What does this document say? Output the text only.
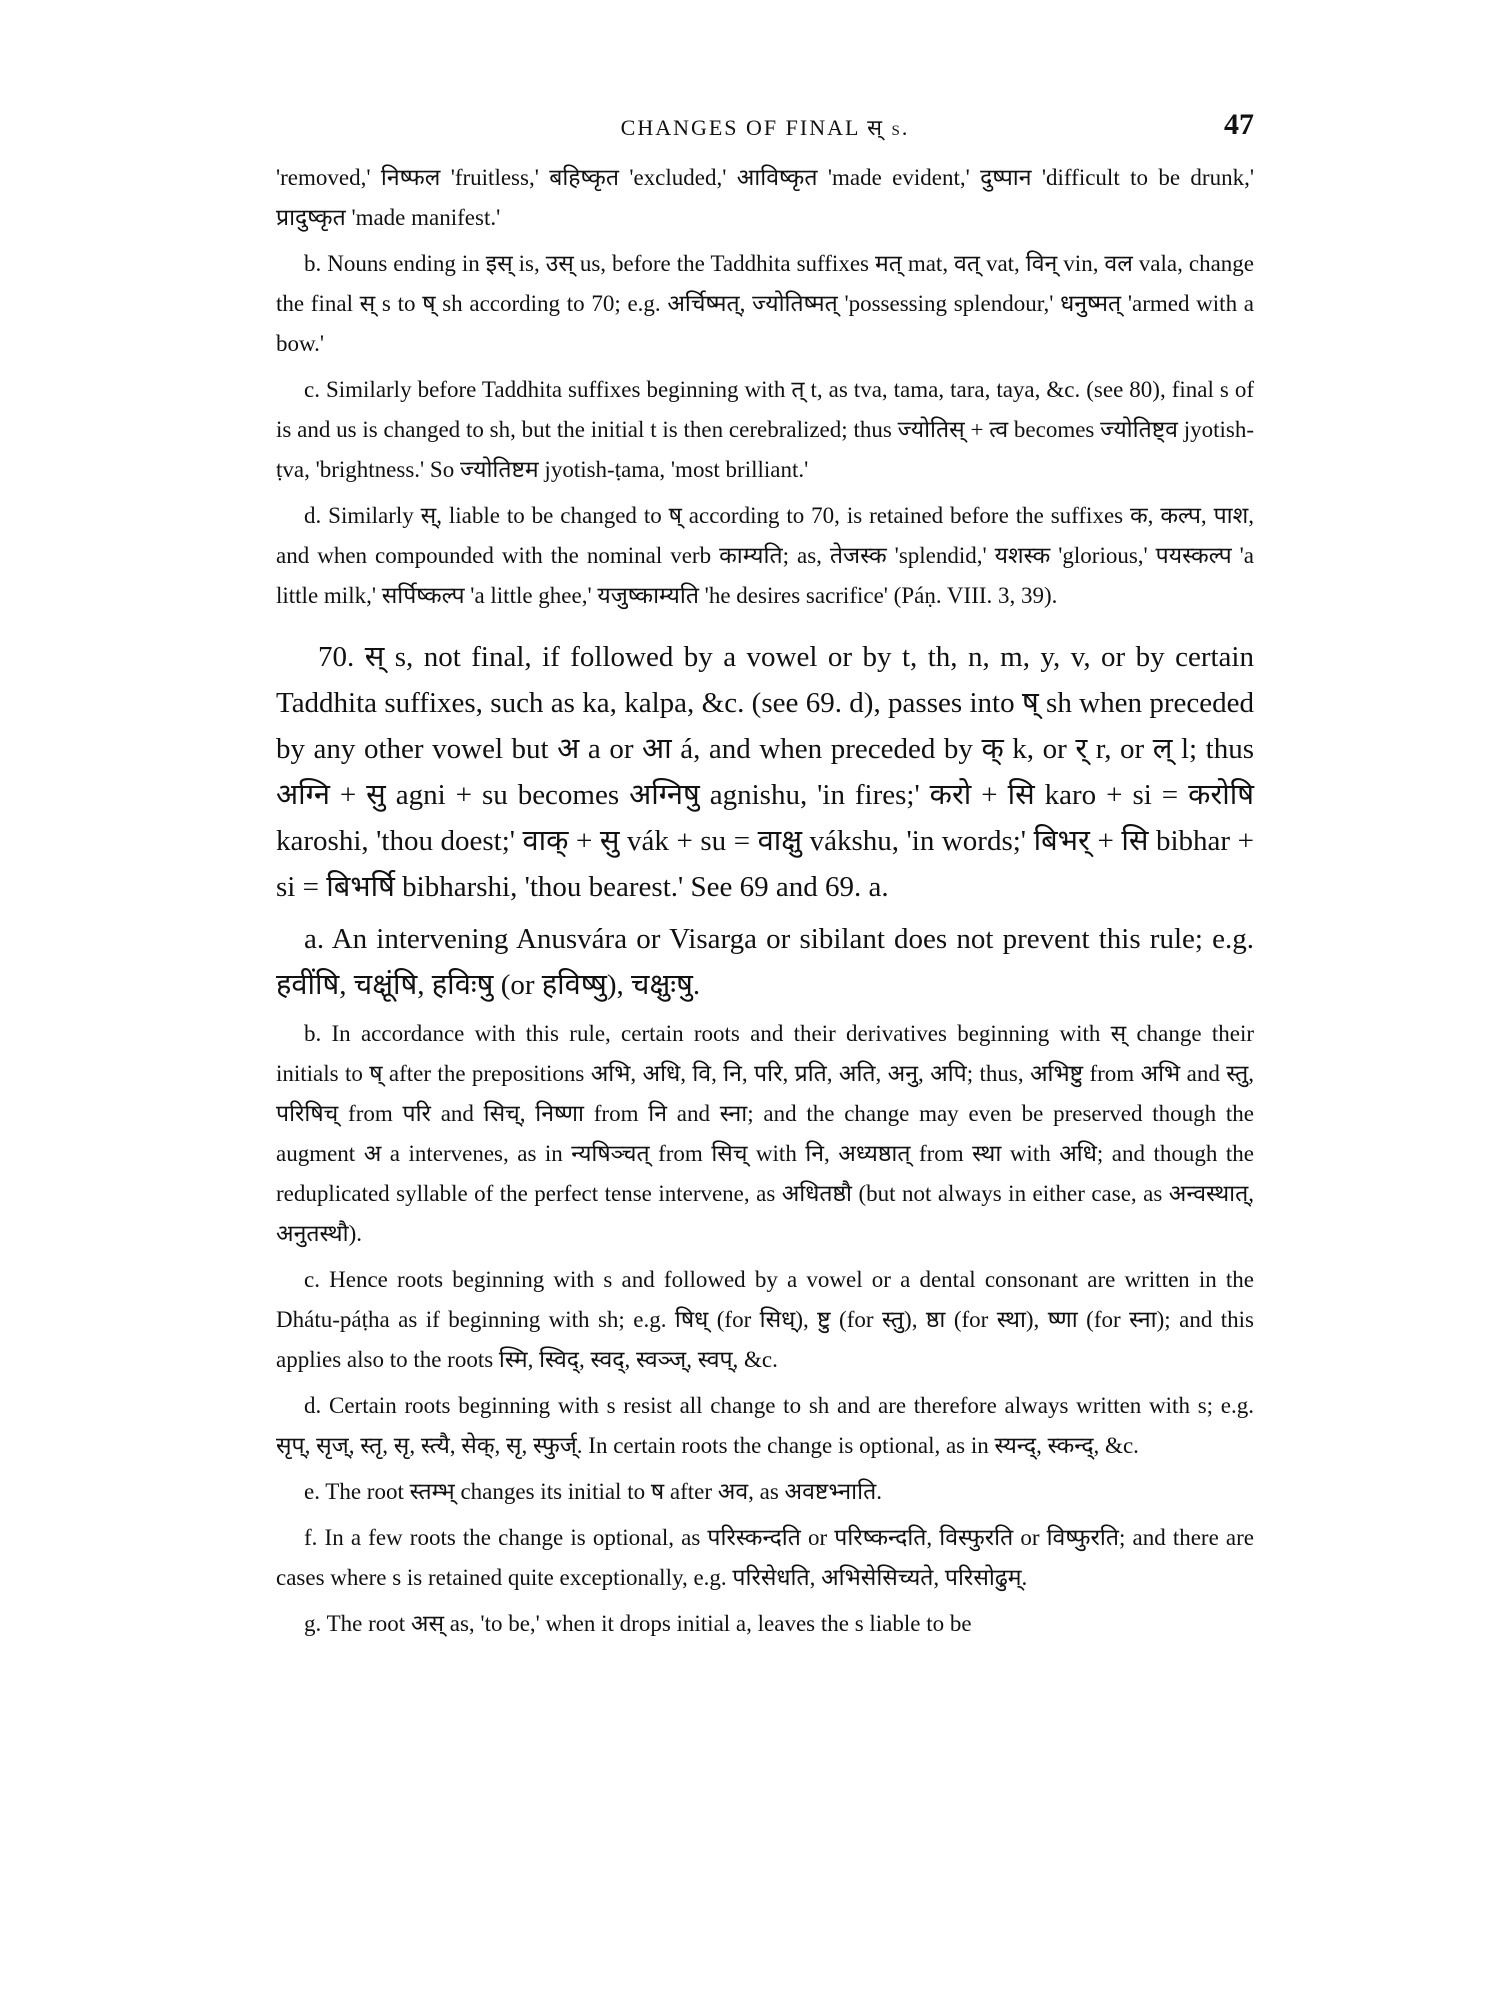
CHANGES OF FINAL स् s.	47

'removed,' निष्फल 'fruitless,' बहिष्कृत 'excluded,' आविष्कृत 'made evident,' दुष्पान 'difficult to be drunk,' प्रादुष्कृत 'made manifest.'

b. Nouns ending in इस् is, उस् us, before the Taddhita suffixes मत् mat, वत् vat, विन् vin, वल vala, change the final स् s to ष् sh according to 70; e.g. अर्चिष्मत्, ज्योतिष्मत् 'possessing splendour,' धनुष्मत् 'armed with a bow.'

c. Similarly before Taddhita suffixes beginning with त् t, as tva, tama, tara, taya, &c. (see 80), final s of is and us is changed to sh, but the initial t is then cerebralized; thus ज्योतिस् + त्व becomes ज्योतिष्ट्व jyotish-ṭva, 'brightness.' So ज्योतिष्टम jyotish-ṭama, 'most brilliant.'

d. Similarly स्, liable to be changed to ष् according to 70, is retained before the suffixes क, कल्प, पाश, and when compounded with the nominal verb काम्यति; as, तेजस्क 'splendid,' यशस्क 'glorious,' पयस्कल्प 'a little milk,' सर्पिष्कल्प 'a little ghee,' यजुष्काम्यति 'he desires sacrifice' (Páṇ. VIII. 3, 39).

70. स् s, not final, if followed by a vowel or by t, th, n, m, y, v, or by certain Taddhita suffixes, such as ka, kalpa, &c. (see 69. d), passes into ष् sh when preceded by any other vowel but अ a or आ á, and when preceded by क् k, or र् r, or ल् l; thus अग्नि + सु agni + su becomes अग्निषु agnishu, 'in fires;' करो + सि karo + si = करोषि karoshi, 'thou doest;' वाक् + सु vák + su = वाक्षु vákshu, 'in words;' बिभर् + सि bibhar + si = बिभर्षि bibharshi, 'thou bearest.' See 69 and 69. a.

a. An intervening Anusvára or Visarga or sibilant does not prevent this rule; e.g. हवींषि, चक्षूंषि, हविःषु (or हविष्षु), चक्षुःषु.

b. In accordance with this rule, certain roots and their derivatives beginning with स् change their initials to ष् after the prepositions अभि, अधि, वि, नि, परि, प्रति, अति, अनु, अपि; thus, अभिष्टु from अभि and स्तु, परिषिच् from परि and सिच्, निष्णा from नि and स्ना; and the change may even be preserved though the augment अ a intervenes, as in न्यषिञ्चत् from सिच् with नि, अध्यष्ठात् from स्था with अधि; and though the reduplicated syllable of the perfect tense intervene, as अधितष्ठौ (but not always in either case, as अन्वस्थात्, अनुतस्थौ).

c. Hence roots beginning with s and followed by a vowel or a dental consonant are written in the Dhátu-páṭha as if beginning with sh; e.g. षिध् (for सिध्), ष्टु (for स्तु), ष्ठा (for स्था), ष्णा (for स्ना); and this applies also to the roots स्मि, स्विद्, स्वद्, स्वञ्ज्, स्वप्, &c.

d. Certain roots beginning with s resist all change to sh and are therefore always written with s; e.g. सृप्, सृज्, स्तृ, सृ, स्त्यै, सेक्, सृ, स्फुर्ज्. In certain roots the change is optional, as in स्यन्द्, स्कन्द्, &c.

e. The root स्तम्भ् changes its initial to ष after अव, as अवष्टभ्नाति.

f. In a few roots the change is optional, as परिस्कन्दति or परिष्कन्दति, विस्फुरति or विष्फुरति; and there are cases where s is retained quite exceptionally, e.g. परिसेधति, अभिसेसिच्यते, परिसोढुम्.

g. The root अस् as, 'to be,' when it drops initial a, leaves the s liable to be
